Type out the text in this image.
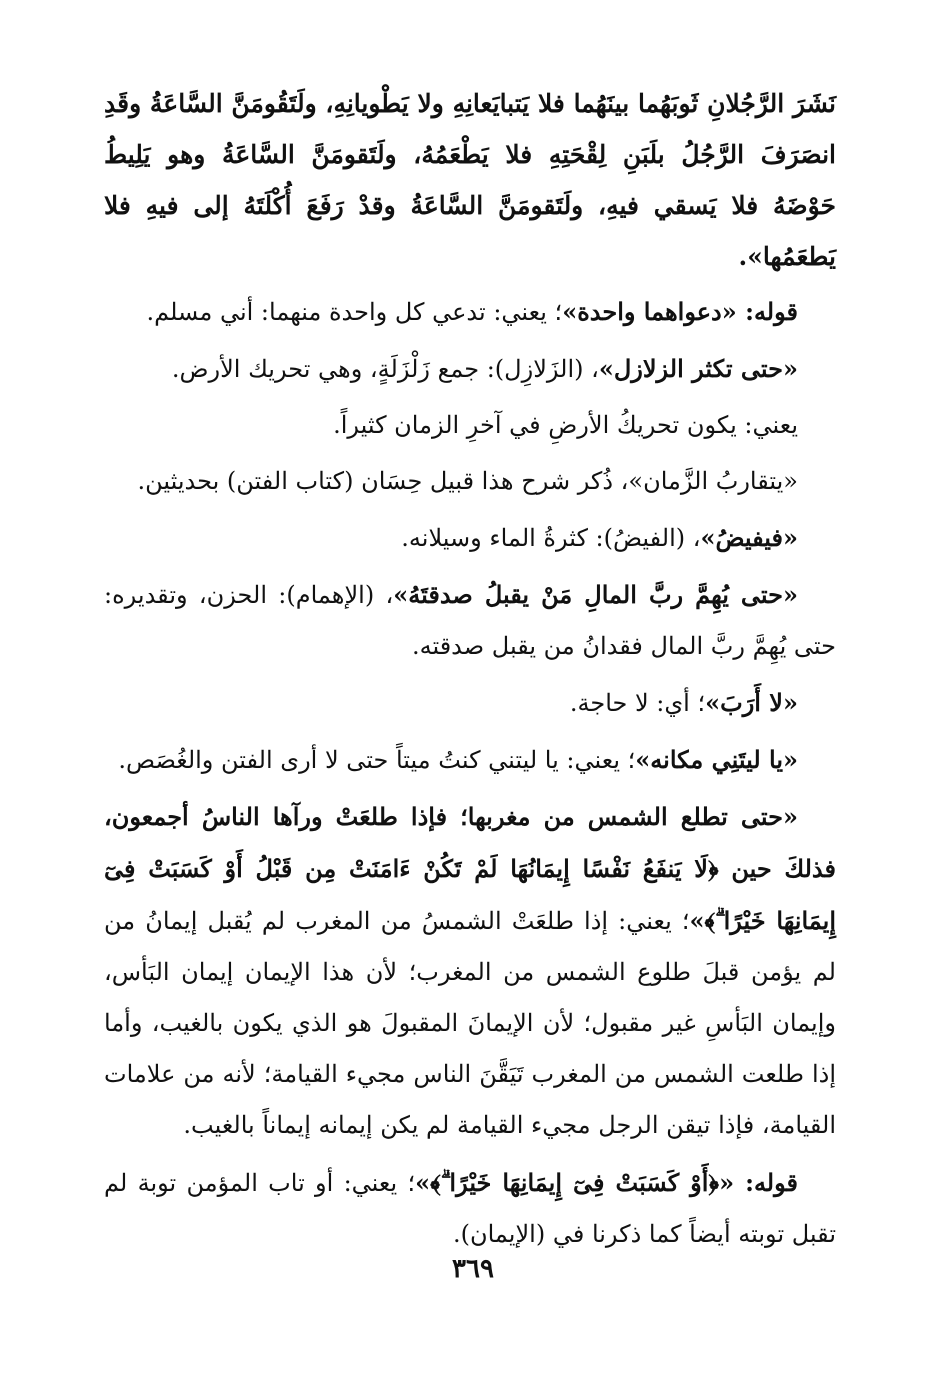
نَشَرَ الرَّجُلانِ ثَوبَهُما بينَهُما فلا يَتبايَعانِهِ ولا يَطْويانِهِ، ولَتَقُومَنَّ السَّاعَةُ وقَدِ انصَرَفَ الرَّجُلُ بلَبَنِ لِقْحَتِهِ فلا يَطْعَمُهُ، ولَتَقومَنَّ السَّاعَةُ وهو يَلِيطُ حَوْضَهُ فلا يَسقي فيهِ، ولَتَقومَنَّ السَّاعَةُ وقدْ رَفَعَ أُكْلَتَهُ إلى فيهِ فلا يَطعَمُها».

قوله: «دعواهما واحدة»؛ يعني: تدعي كل واحدة منهما: أني مسلم.

«حتى تكثر الزلازل»، (الزَلازِل): جمع زَلْزَلَةٍ، وهي تحريك الأرض.

يعني: يكون تحريكُ الأرضِ في آخرِ الزمان كثيراً.

«يتقاربُ الزَّمان»، ذُكر شرح هذا قبيل حِسَان (كتاب الفتن) بحديثين.

«فيفيضُ»، (الفيضُ): كثرةُ الماء وسيلانه.

«حتى يُهِمَّ ربَّ المالِ مَنْ يقبلُ صدقتَهُ»، (الإهمام): الحزن، وتقديره: حتى يُهِمَّ ربَّ المال فقدانُ من يقبل صدقته.

«لا أَرَبَ»؛ أي: لا حاجة.

«يا ليتَنِي مكانه»؛ يعني: يا ليتني كنتُ ميتاً حتى لا أرى الفتن والغُصَص.

«حتى تطلع الشمس من مغربها؛ فإذا طلعَتْ ورآها الناسُ أجمعون، فذلكَ حين ﴿لَا يَنفَعُ نَفْسًا إِيمَانُهَا لَمْ تَكُنْ ءَامَنَتْ مِن قَبْلُ أَوْ كَسَبَتْ فِىٓ إِيمَانِهَا خَيْرًا ۗ﴾»؛ يعني: إذا طلعَتْ الشمسُ من المغرب لم يُقبل إيمانُ من لم يؤمن قبلَ طلوع الشمس من المغرب؛ لأن هذا الإيمان إيمان البَأس، وإيمان البَأسِ غير مقبول؛ لأن الإيمانَ المقبولَ هو الذي يكون بالغيب، وأما إذا طلعت الشمس من المغرب تَيَقَّنَ الناس مجيء القيامة؛ لأنه من علامات القيامة، فإذا تيقن الرجل مجيء القيامة لم يكن إيمانه إيماناً بالغيب.

قوله: «﴿أَوْ كَسَبَتْ فِىٓ إِيمَانِهَا خَيْرًا ۗ﴾»؛ يعني: أو تاب المؤمن توبة لم تقبل توبته أيضاً كما ذكرنا في (الإيمان).

٣٦٩
